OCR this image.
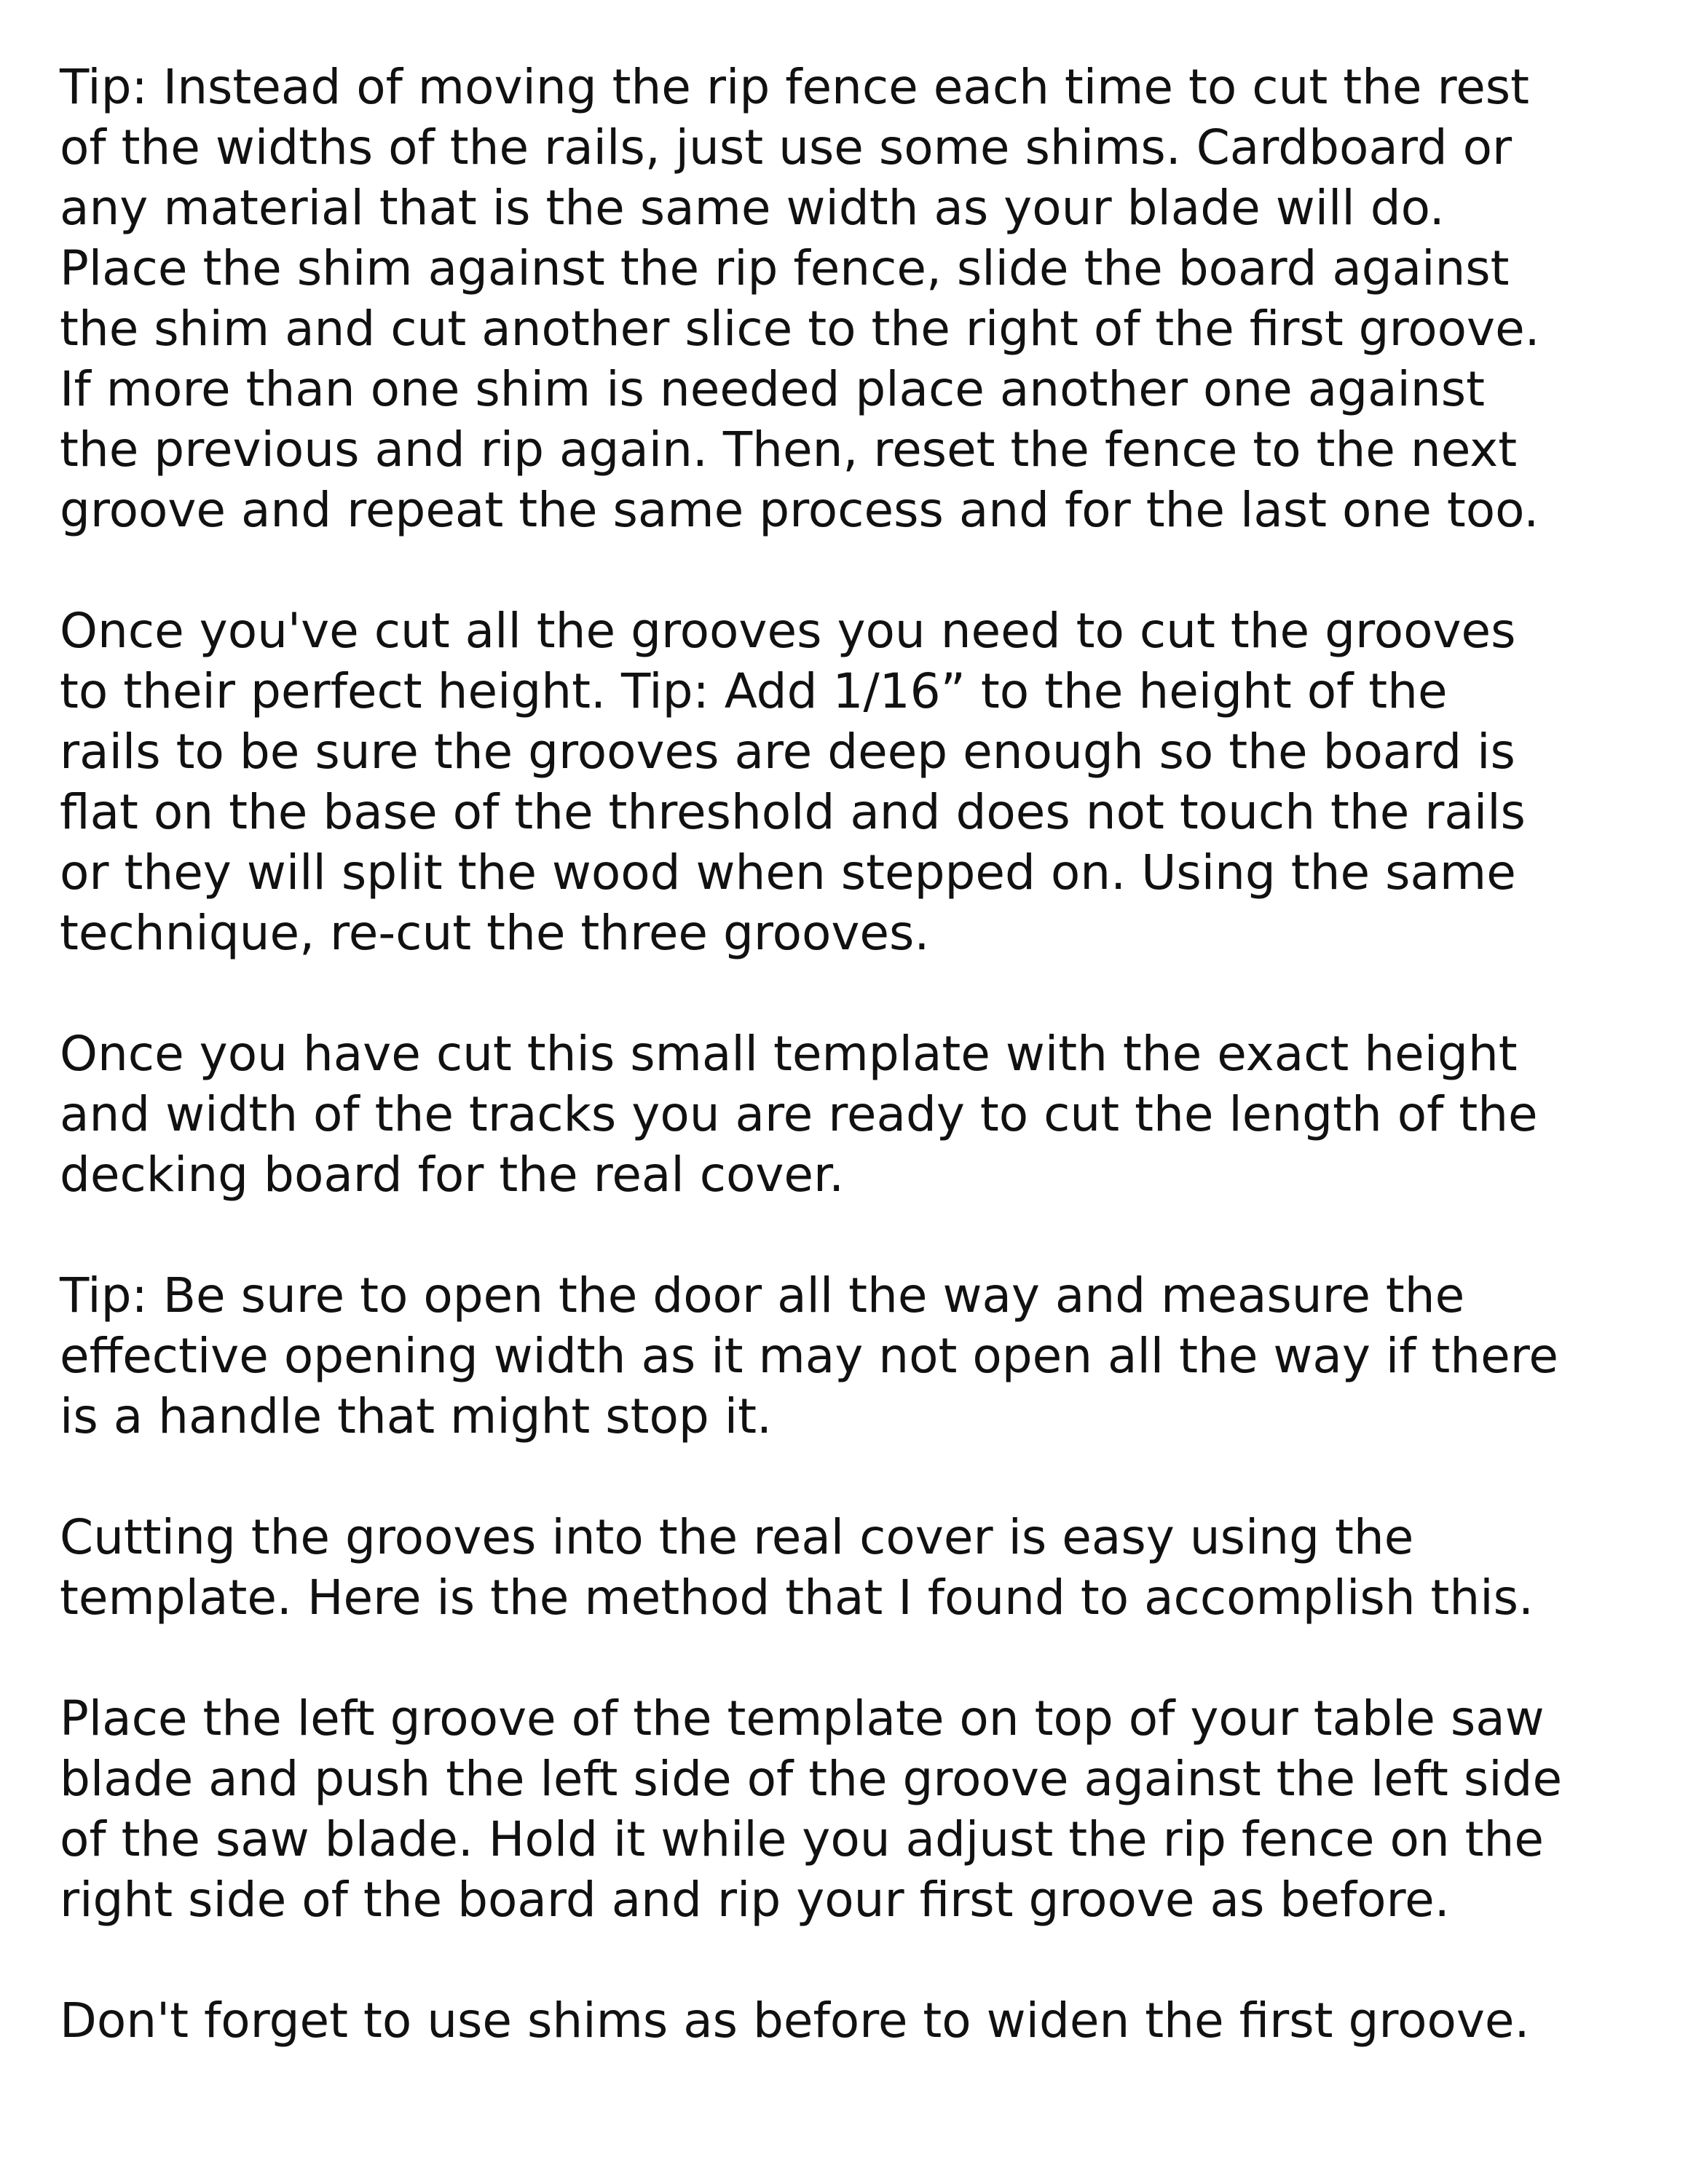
Tip: Instead of moving the rip fence each time to cut the rest
of the widths of the rails, just use some shims. Cardboard or
any material that is the same width as your blade will do.
Place the shim against the rip fence, slide the board against
the shim and cut another slice to the right of the first groove.
If more than one shim is needed place another one against
the previous and rip again. Then, reset the fence to the next
groove and repeat the same process and for the last one too.
Once you've cut all the grooves you need to cut the grooves
to their perfect height. Tip: Add 1/16” to the height of the
rails to be sure the grooves are deep enough so the board is
flat on the base of the threshold and does not touch the rails
or they will split the wood when stepped on. Using the same
technique, re-cut the three grooves.
Once you have cut this small template with the exact height
and width of the tracks you are ready to cut the length of the
decking board for the real cover.
Tip: Be sure to open the door all the way and measure the
effective opening width as it may not open all the way if there
is a handle that might stop it.
Cutting the grooves into the real cover is easy using the
template. Here is the method that I found to accomplish this.
Place the left groove of the template on top of your table saw
blade and push the left side of the groove against the left side
of the saw blade. Hold it while you adjust the rip fence on the
right side of the board and rip your first groove as before.
Don't forget to use shims as before to widen the first groove.
